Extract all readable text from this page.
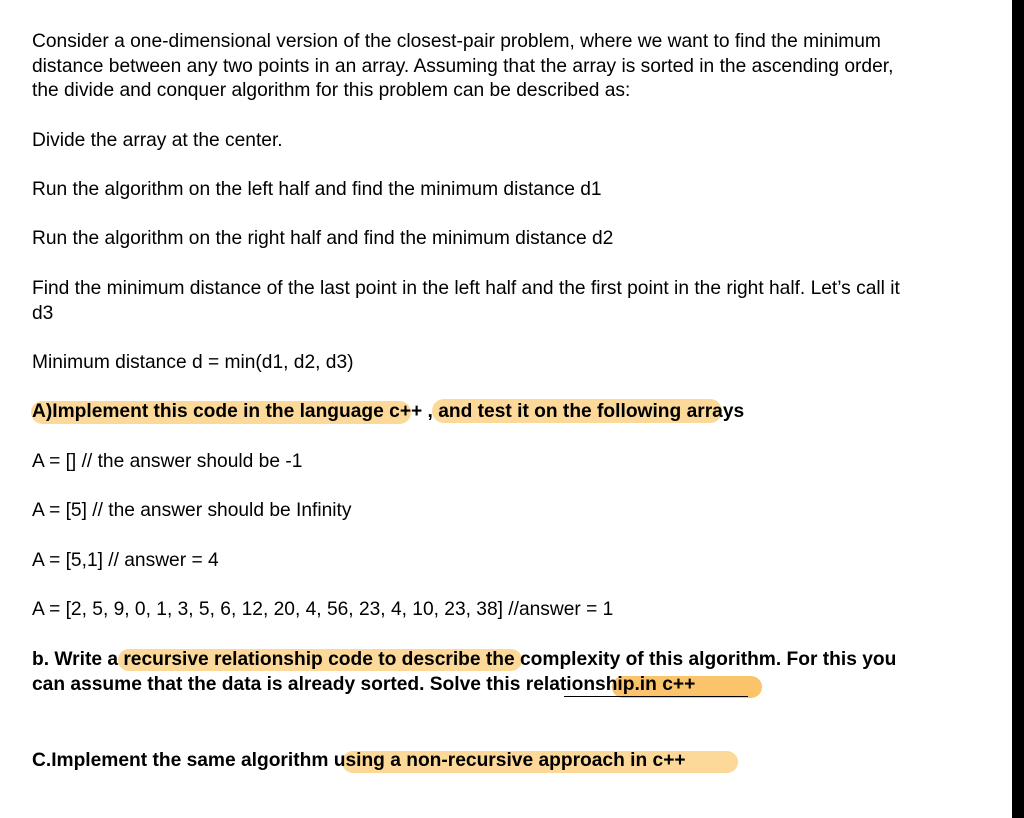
Consider a one-dimensional version of the closest-pair problem, where we want to find the minimum

distance between any two points in an array. Assuming that the array is sorted in the ascending order,

the divide and conquer algorithm for this problem can be described as:

Divide the array at the center.

Run the algorithm on the left half and find the minimum distance d1

Run the algorithm on the right half and find the minimum distance d2

Find the minimum distance of the last point in the left half and the first point in the right half. Let’s call it

d3

Minimum distance d = min(d1, d2, d3)

A)Implement this code in the language c++ , and test it on the following arrays

A = [] // the answer should be -1

A = [5] // the answer should be Infinity

A = [5,1] // answer = 4

A = [2, 5, 9, 0, 1, 3, 5, 6, 12, 20, 4, 56, 23, 4, 10, 23, 38] //answer = 1

b. Write a recursive relationship code to describe the complexity of this algorithm. For this you

can assume that the data is already sorted. Solve this relationship.in c++

C.Implement the same algorithm using a non-recursive approach in c++
